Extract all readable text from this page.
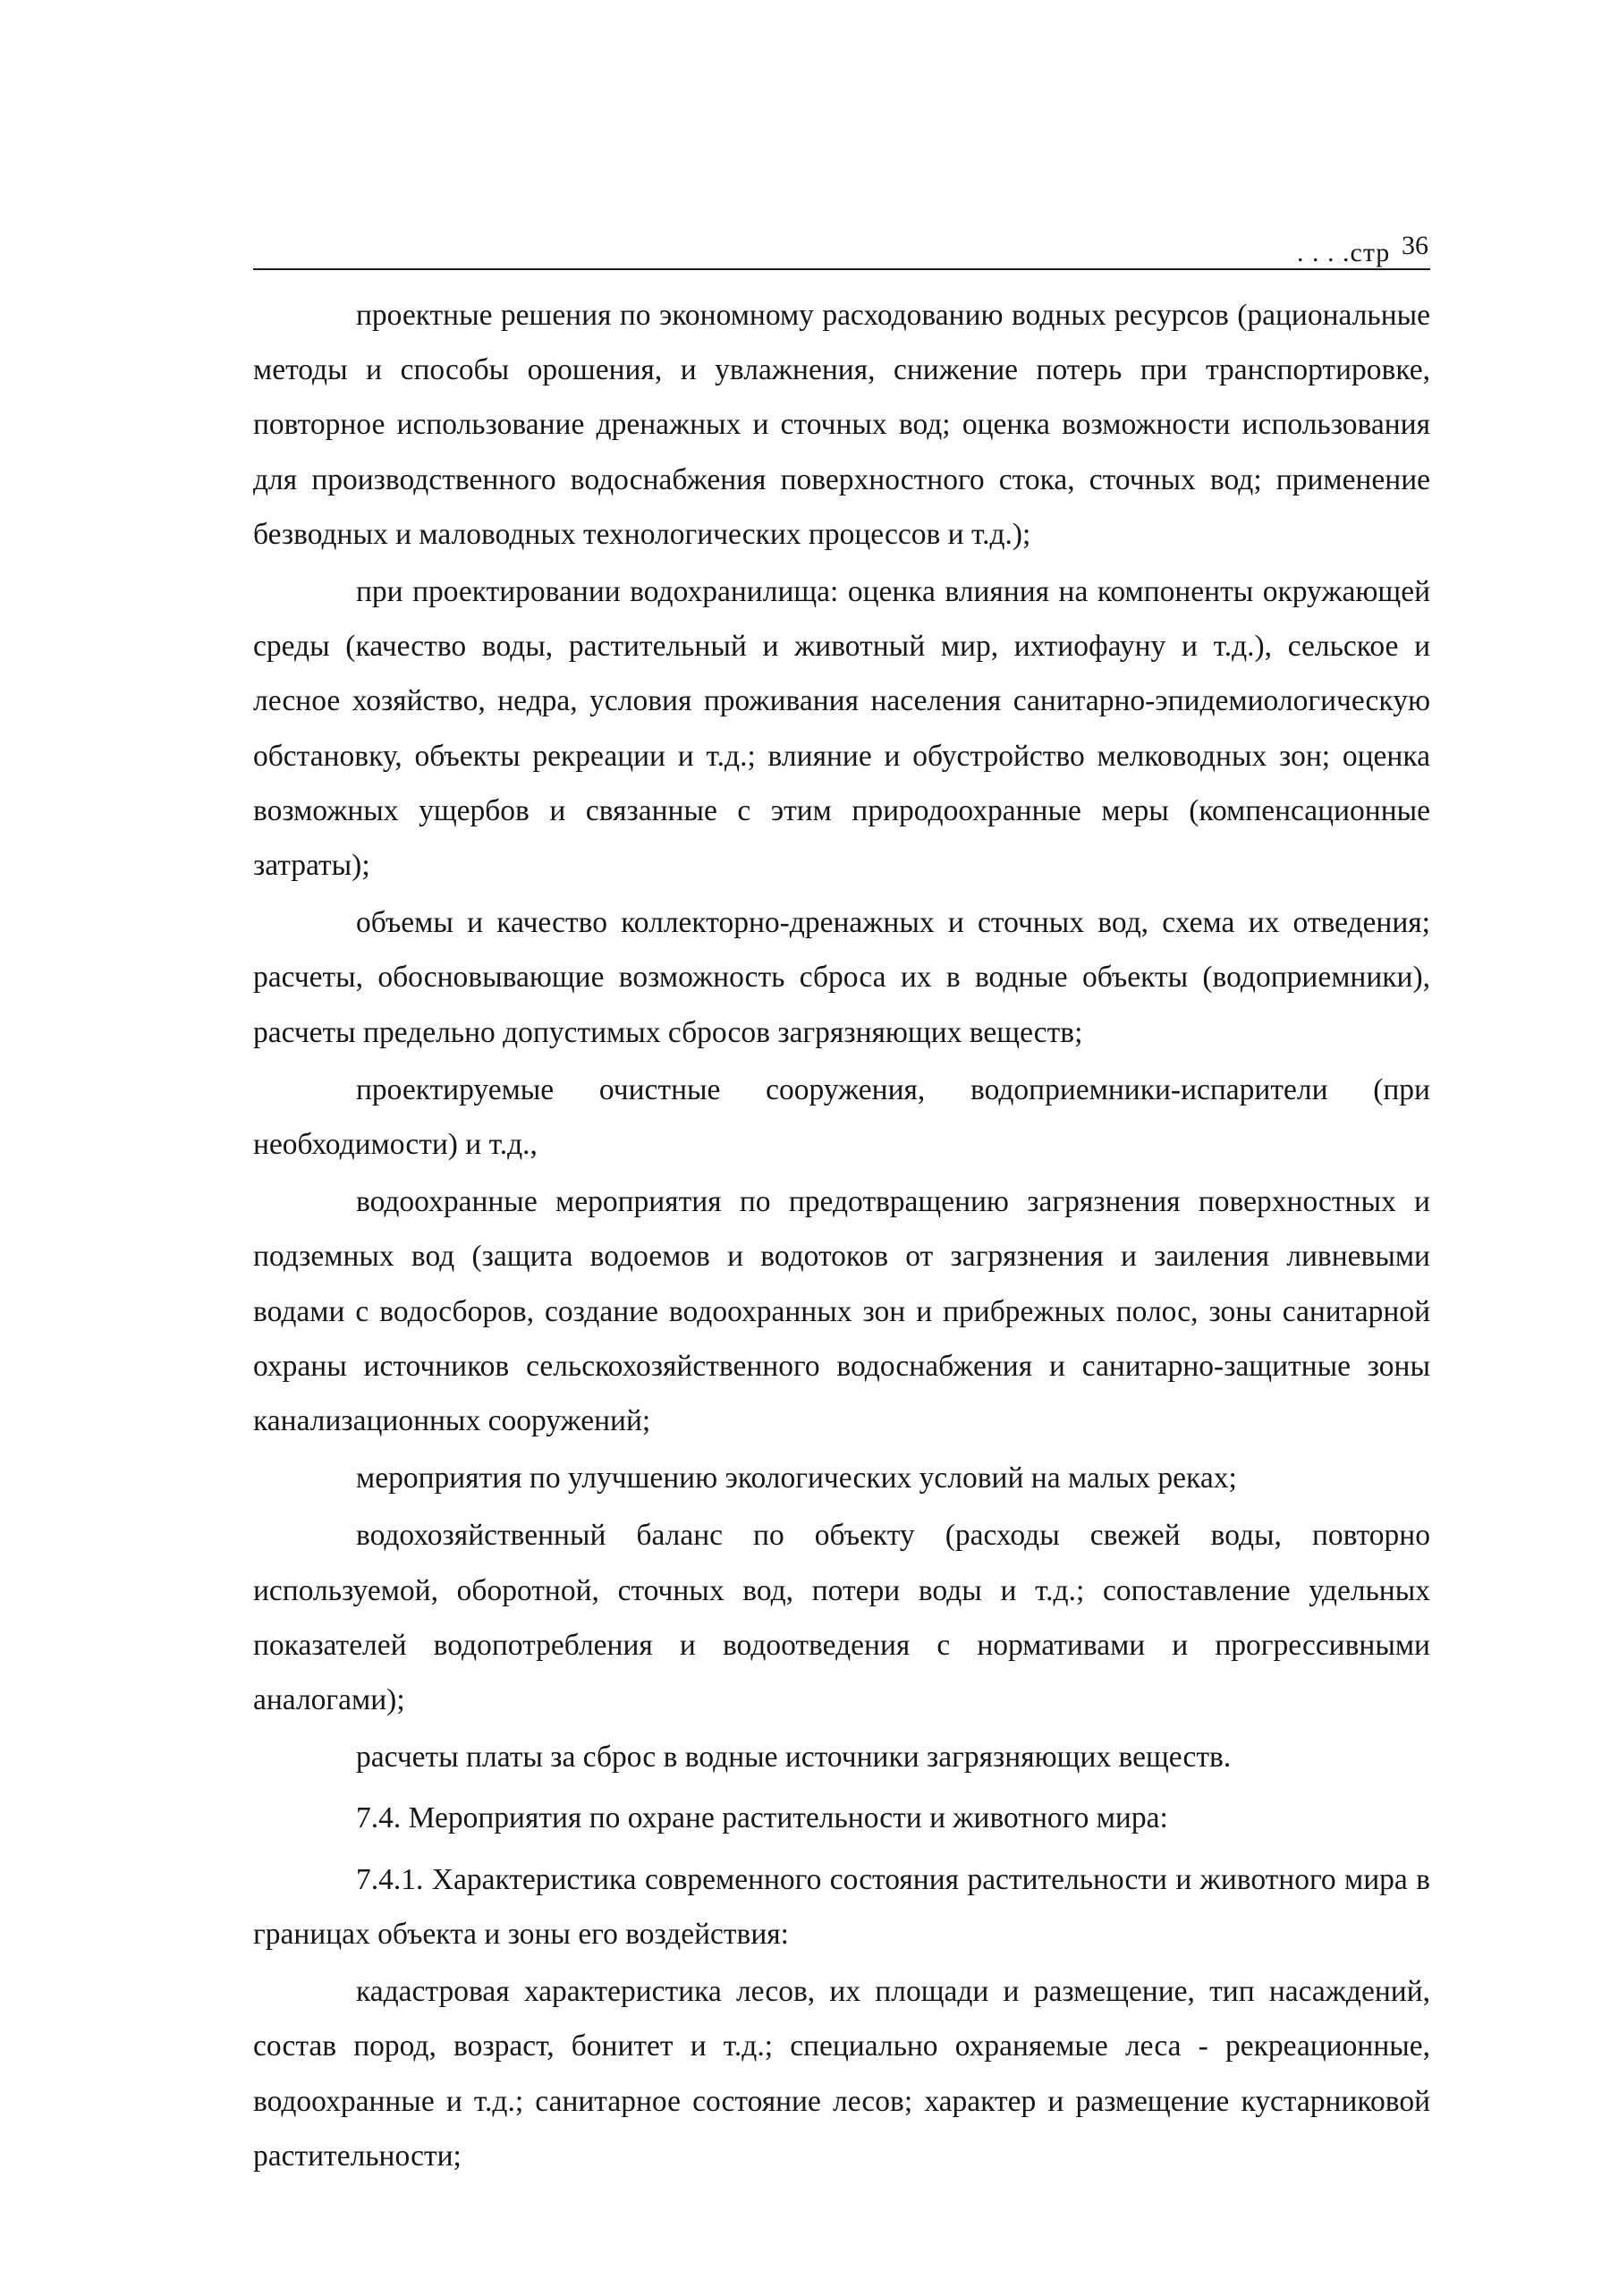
. . . .стр 36

проектные решения по экономному расходованию водных ресурсов (рациональные методы и способы орошения, и увлажнения, снижение потерь при транспортировке, повторное использование дренажных и сточных вод; оценка возможности использования для производственного водоснабжения поверхностного стока, сточных вод; применение безводных и маловодных технологических процессов и т.д.);

при проектировании водохранилища: оценка влияния на компоненты окружающей среды (качество воды, растительный и животный мир, ихтиофауну и т.д.), сельское и лесное хозяйство, недра, условия проживания населения санитарно-эпидемиологическую обстановку, объекты рекреации и т.д.; влияние и обустройство мелководных зон; оценка возможных ущербов и связанные с этим природоохранные меры (компенсационные затраты);

объемы и качество коллекторно-дренажных и сточных вод, схема их отведения; расчеты, обосновывающие возможность сброса их в водные объекты (водоприемники), расчеты предельно допустимых сбросов загрязняющих веществ;

проектируемые очистные сооружения, водоприемники-испарители (при необходимости) и т.д.,

водоохранные мероприятия по предотвращению загрязнения поверхностных и подземных вод (защита водоемов и водотоков от загрязнения и заиления ливневыми водами с водосборов, создание водоохранных зон и прибрежных полос, зоны санитарной охраны источников сельскохозяйственного водоснабжения и санитарно-защитные зоны канализационных сооружений;

мероприятия по улучшению экологических условий на малых реках;

водохозяйственный баланс по объекту (расходы свежей воды, повторно используемой, оборотной, сточных вод, потери воды и т.д.; сопоставление удельных показателей водопотребления и водоотведения с нормативами и прогрессивными аналогами);

расчеты платы за сброс в водные источники загрязняющих веществ.

7.4. Мероприятия по охране растительности и животного мира:

7.4.1. Характеристика современного состояния растительности и животного мира в границах объекта и зоны его воздействия:

кадастровая характеристика лесов, их площади и размещение, тип насаждений, состав пород, возраст, бонитет и т.д.; специально охраняемые леса - рекреационные, водоохранные и т.д.; санитарное состояние лесов; характер и размещение кустарниковой растительности;
